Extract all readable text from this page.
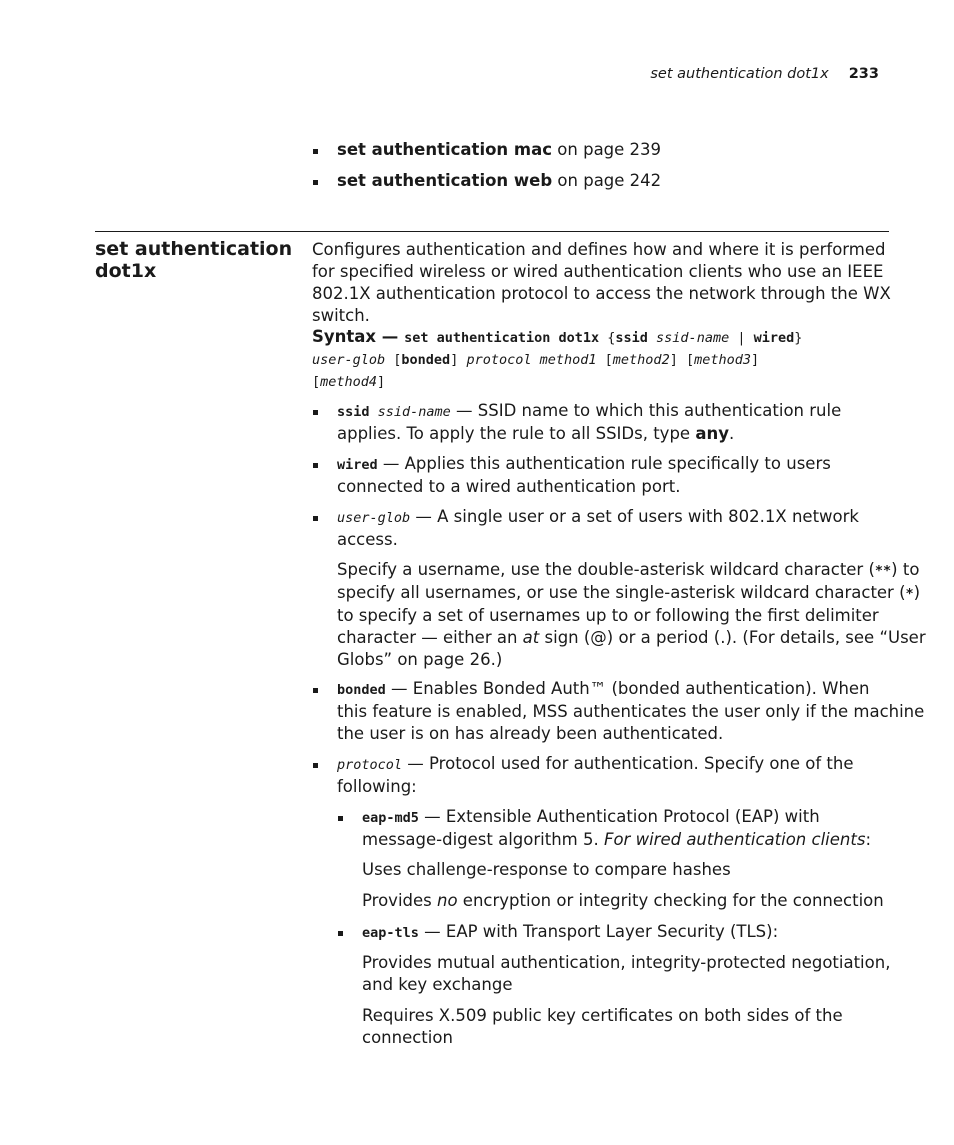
set authentication dot1x 233
set authentication mac on page 239
set authentication web on page 242
set authentication
dot1x
Configures authentication and defines how and where it is performed for specified wireless or wired authentication clients who use an IEEE 802.1X authentication protocol to access the network through the WX switch.
Syntax — set authentication dot1x {ssid ssid-name | wired}
user-glob [bonded] protocol method1 [method2] [method3]
[method4]
ssid ssid-name — SSID name to which this authentication rule
applies. To apply the rule to all SSIDs, type any.
wired — Applies this authentication rule specifically to users
connected to a wired authentication port.
user-glob — A single user or a set of users with 802.1X network
access.
Specify a username, use the double-asterisk wildcard character (**) to
specify all usernames, or use the single-asterisk wildcard character (*)
to specify a set of usernames up to or following the first delimiter
character — either an at sign (@) or a period (.). (For details, see “User
Globs” on page 26.)
bonded — Enables Bonded Auth™ (bonded authentication). When
this feature is enabled, MSS authenticates the user only if the machine
the user is on has already been authenticated.
protocol — Protocol used for authentication. Specify one of the
following:
eap-md5 — Extensible Authentication Protocol (EAP) with
message-digest algorithm 5. For wired authentication clients:
Uses challenge-response to compare hashes
Provides no encryption or integrity checking for the connection
eap-tls — EAP with Transport Layer Security (TLS):
Provides mutual authentication, integrity-protected negotiation,
and key exchange
Requires X.509 public key certificates on both sides of the
connection
